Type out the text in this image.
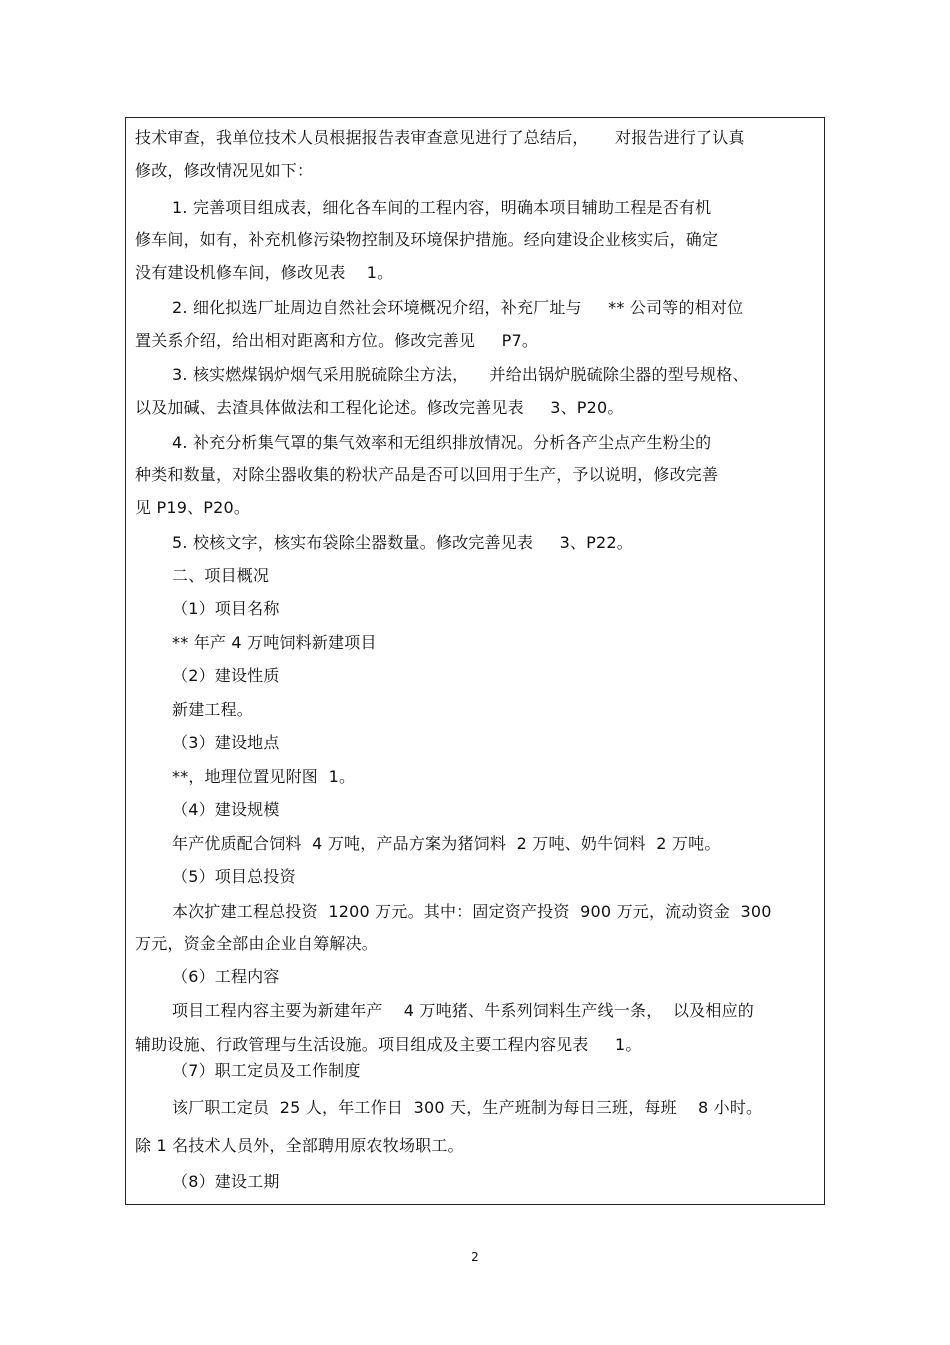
技术审查，我单位技术人员根据报告表审查意见进行了总结后，     对报告进行了认真
修改，修改情况见如下：
1. 完善项目组成表，细化各车间的工程内容，明确本项目辅助工程是否有机
修车间，如有，补充机修污染物控制及环境保护措施。经向建设企业核实后，确定
没有建设机修车间，修改见表    1。
2. 细化拟选厂址周边自然社会环境概况介绍，补充厂址与     ** 公司等的相对位
置关系介绍，给出相对距离和方位。修改完善见     P7。
3. 核实燃煤锅炉烟气采用脱硫除尘方法，    并给出锅炉脱硫除尘器的型号规格、
以及加碱、去渣具体做法和工程化论述。修改完善见表     3、P20。
4. 补充分析集气罩的集气效率和无组织排放情况。分析各产尘点产生粉尘的
种类和数量，对除尘器收集的粉状产品是否可以回用于生产，予以说明，修改完善
见 P19、P20。
5. 校核文字，核实布袋除尘器数量。修改完善见表     3、P22。
二、项目概况
（1）项目名称
** 年产 4 万吨饲料新建项目
（2）建设性质
新建工程。
（3）建设地点
**，地理位置见附图  1。
（4）建设规模
年产优质配合饲料  4 万吨，产品方案为猪饲料  2 万吨、奶牛饲料  2 万吨。
（5）项目总投资
本次扩建工程总投资  1200 万元。其中：固定资产投资  900 万元，流动资金  300
万元，资金全部由企业自筹解决。
（6）工程内容
项目工程内容主要为新建年产    4 万吨猪、牛系列饲料生产线一条，  以及相应的
辅助设施、行政管理与生活设施。项目组成及主要工程内容见表     1。
（7）职工定员及工作制度
该厂职工定员  25 人，年工作日  300 天，生产班制为每日三班，每班    8 小时。
除 1 名技术人员外，全部聘用原农牧场职工。
（8）建设工期
2
